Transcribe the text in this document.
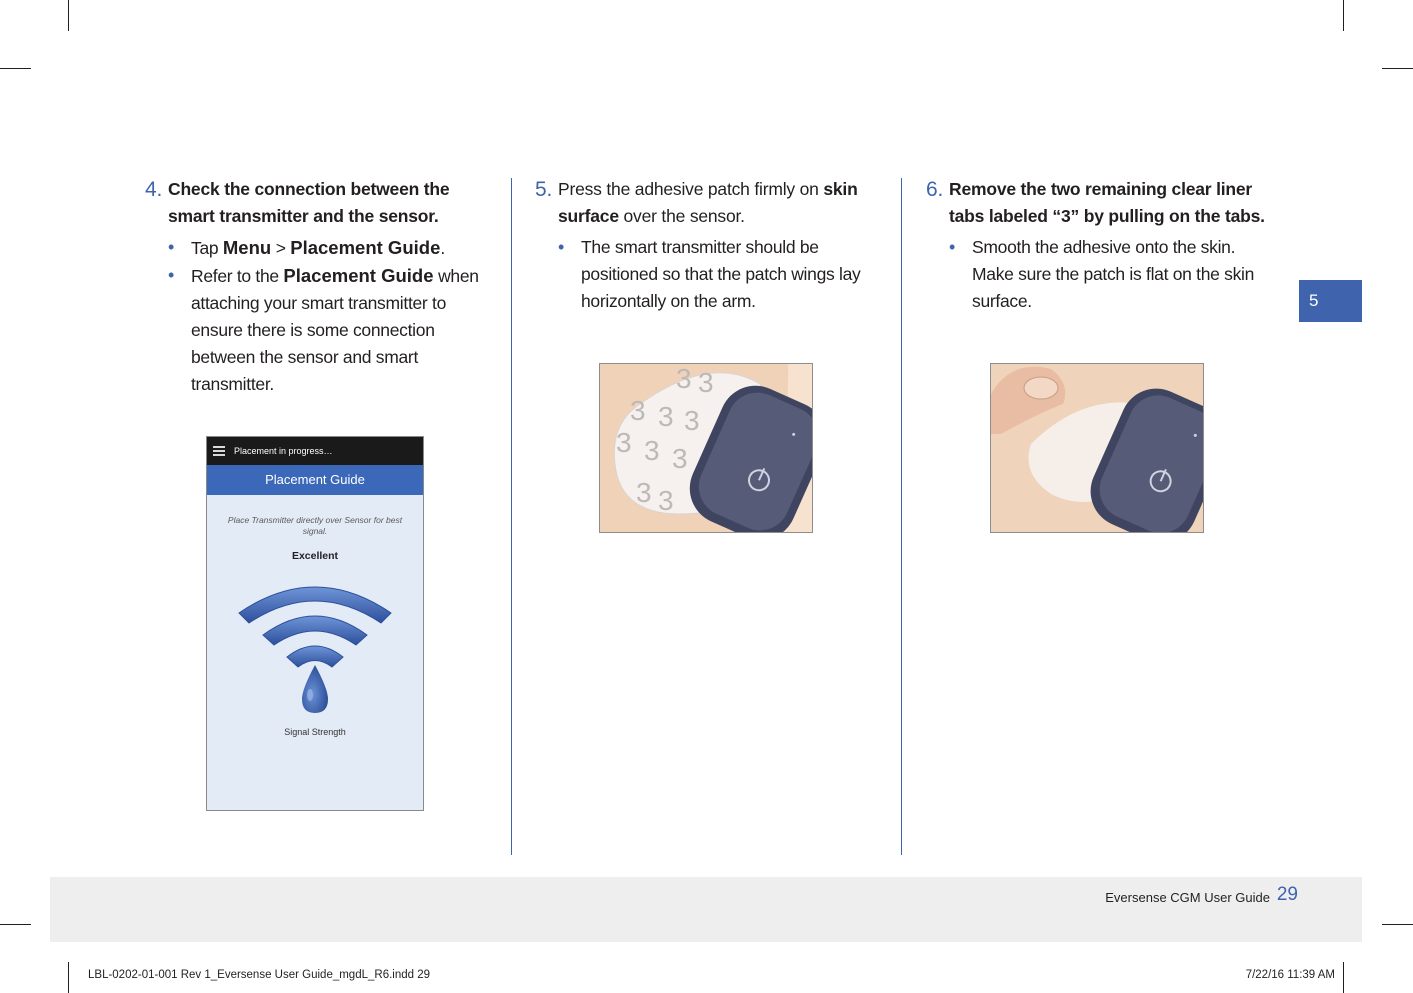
4. Check the connection between the smart transmitter and the sensor.
• Tap Menu > Placement Guide.
• Refer to the Placement Guide when attaching your smart transmitter to ensure there is some connection between the sensor and smart transmitter.
Placement in progress…
Placement Guide
Place Transmitter directly over Sensor for best signal.
Excellent
Signal Strength
5. Press the adhesive patch firmly on skin surface over the sensor.
• The smart transmitter should be positioned so that the patch wings lay horizontally on the arm.
3 3
3 3 3
3 3 3
3 3
6. Remove the two remaining clear liner tabs labeled “3” by pulling on the tabs.
• Smooth the adhesive onto the skin. Make sure the patch is flat on the skin surface.	5
Eversense CGM User Guide 29
LBL-0202-01-001 Rev 1_Eversense User Guide_mgdL_R6.indd 29	7/22/16 11:39 AM
